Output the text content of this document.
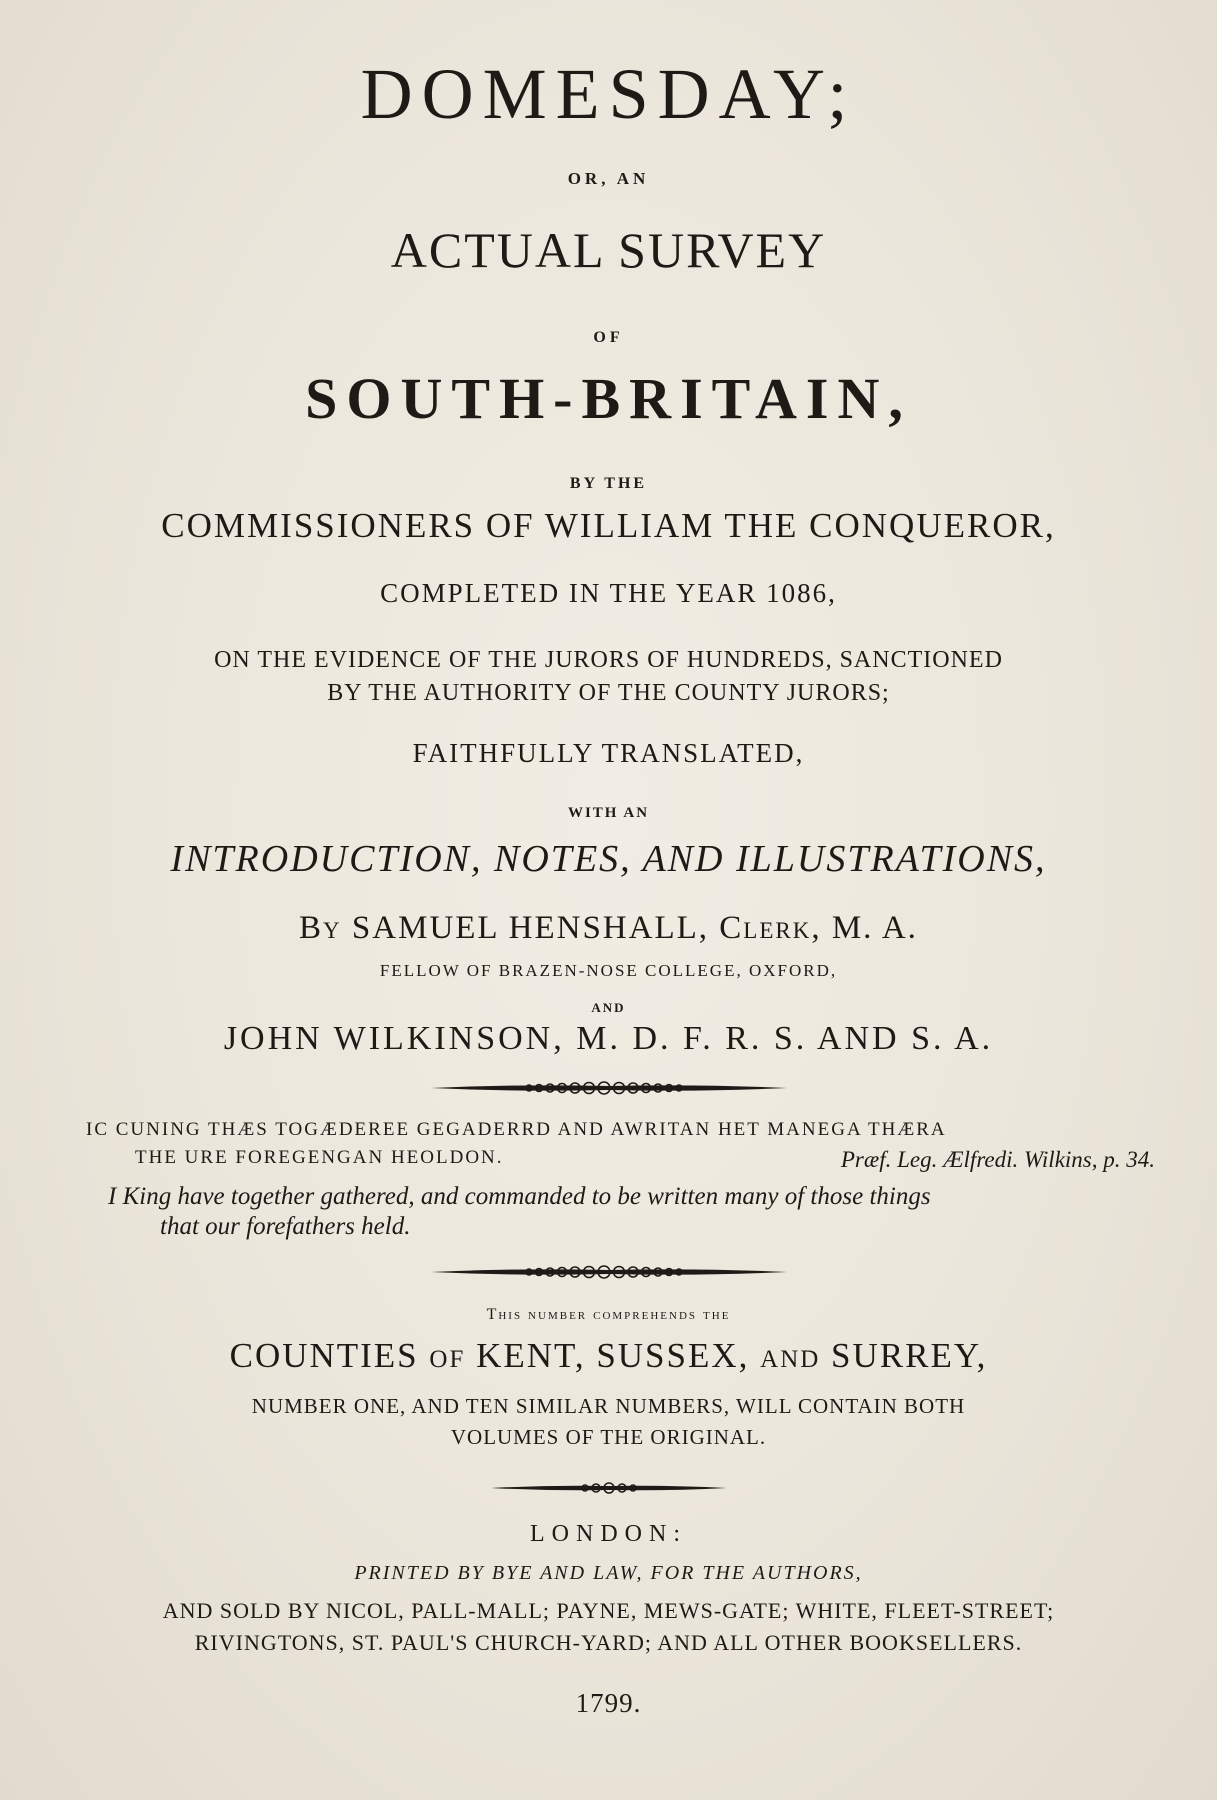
DOMESDAY;
OR, AN
ACTUAL SURVEY
OF
SOUTH-BRITAIN,
BY THE
COMMISSIONERS OF WILLIAM THE CONQUEROR,
COMPLETED IN THE YEAR 1086,
ON THE EVIDENCE OF THE JURORS OF HUNDREDS, SANCTIONED
BY THE AUTHORITY OF THE COUNTY JURORS;
FAITHFULLY TRANSLATED,
WITH AN
INTRODUCTION, NOTES, AND ILLUSTRATIONS,
By SAMUEL HENSHALL, Clerk, M. A.
FELLOW OF BRAZEN-NOSE COLLEGE, OXFORD,
AND
JOHN WILKINSON, M. D. F. R. S. AND S. A.
IC CUNING THÆS TOGÆDEREE GEGADERRD AND AWRITAN HET MANEGA THÆRA
THE URE FOREGENGAN HEOLDON.	Præf. Leg. Ælfredi. Wilkins, p. 34.
I King have together gathered, and commanded to be written many of those things
that our forefathers held.
This number comprehends the
COUNTIES of KENT, SUSSEX, and SURREY,
NUMBER ONE, AND TEN SIMILAR NUMBERS, WILL CONTAIN BOTH
VOLUMES OF THE ORIGINAL.
LONDON:
PRINTED BY BYE AND LAW, FOR THE AUTHORS,
AND SOLD BY NICOL, PALL-MALL; PAYNE, MEWS-GATE; WHITE, FLEET-STREET;
RIVINGTONS, ST. PAUL'S CHURCH-YARD; AND ALL OTHER BOOKSELLERS.
1799.
